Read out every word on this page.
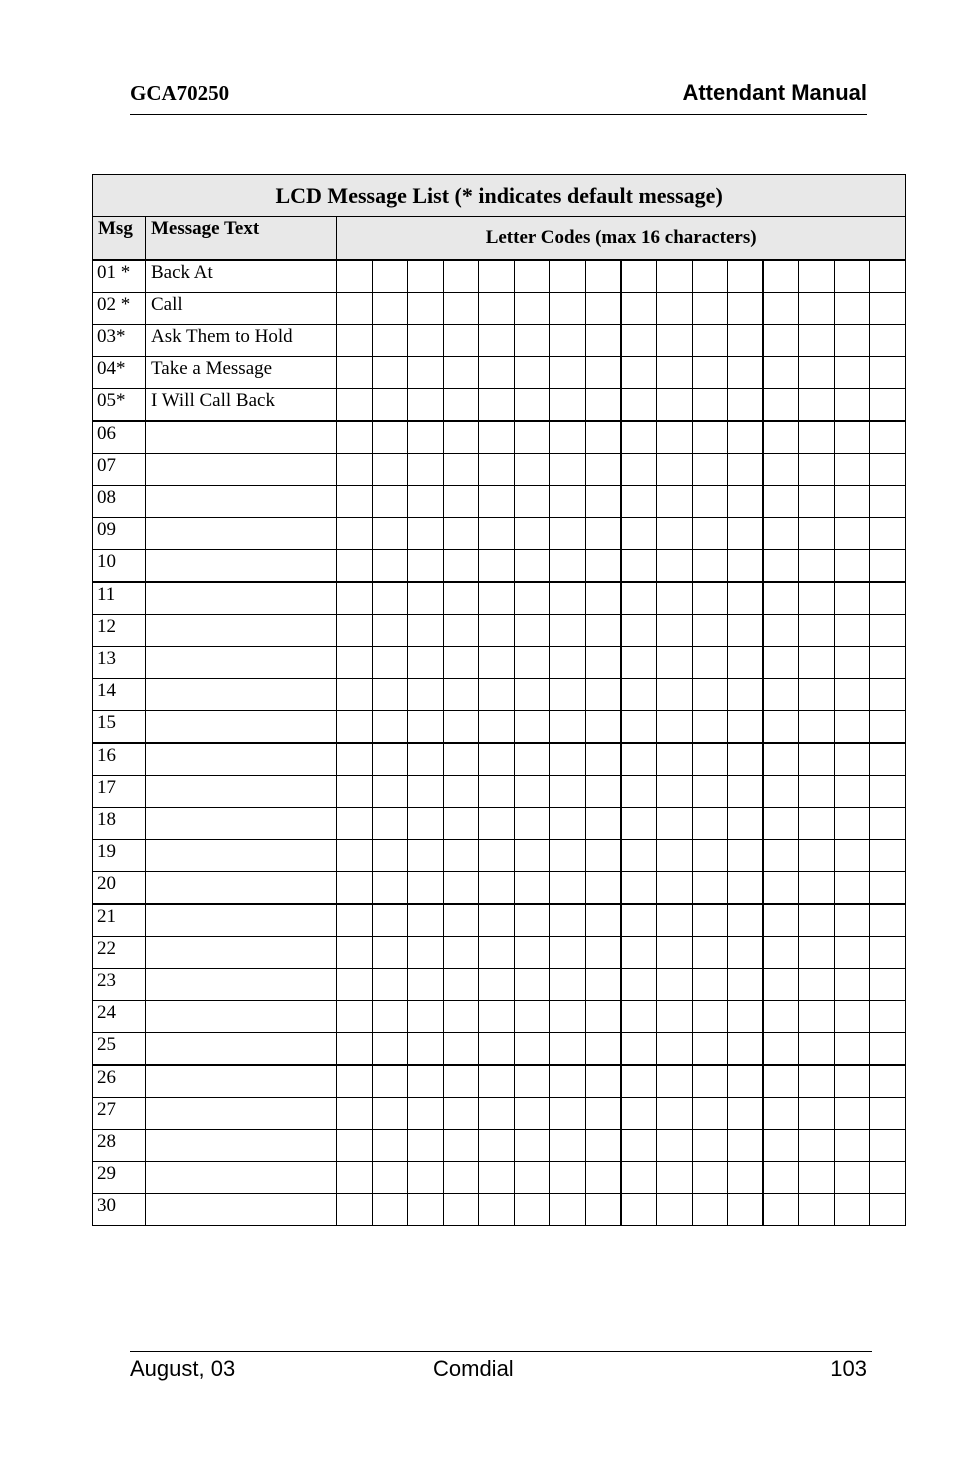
GCA70250	Attendant Manual
LCD Message List (* indicates default message)																	
Msg	Message Text	Letter Codes (max 16 characters)															
01 *	Back At																
02 *	Call																
03*	Ask Them to Hold																
04*	Take a Message																
05*	I Will Call Back																
06																	
07																	
08																	
09																	
10																	
11																	
12																	
13																	
14																	
15																	
16																	
17																	
18																	
19																	
20																	
21																	
22																	
23																	
24																	
25																	
26																	
27																	
28																	
29																	
30																	
August, 03	Comdial	103
